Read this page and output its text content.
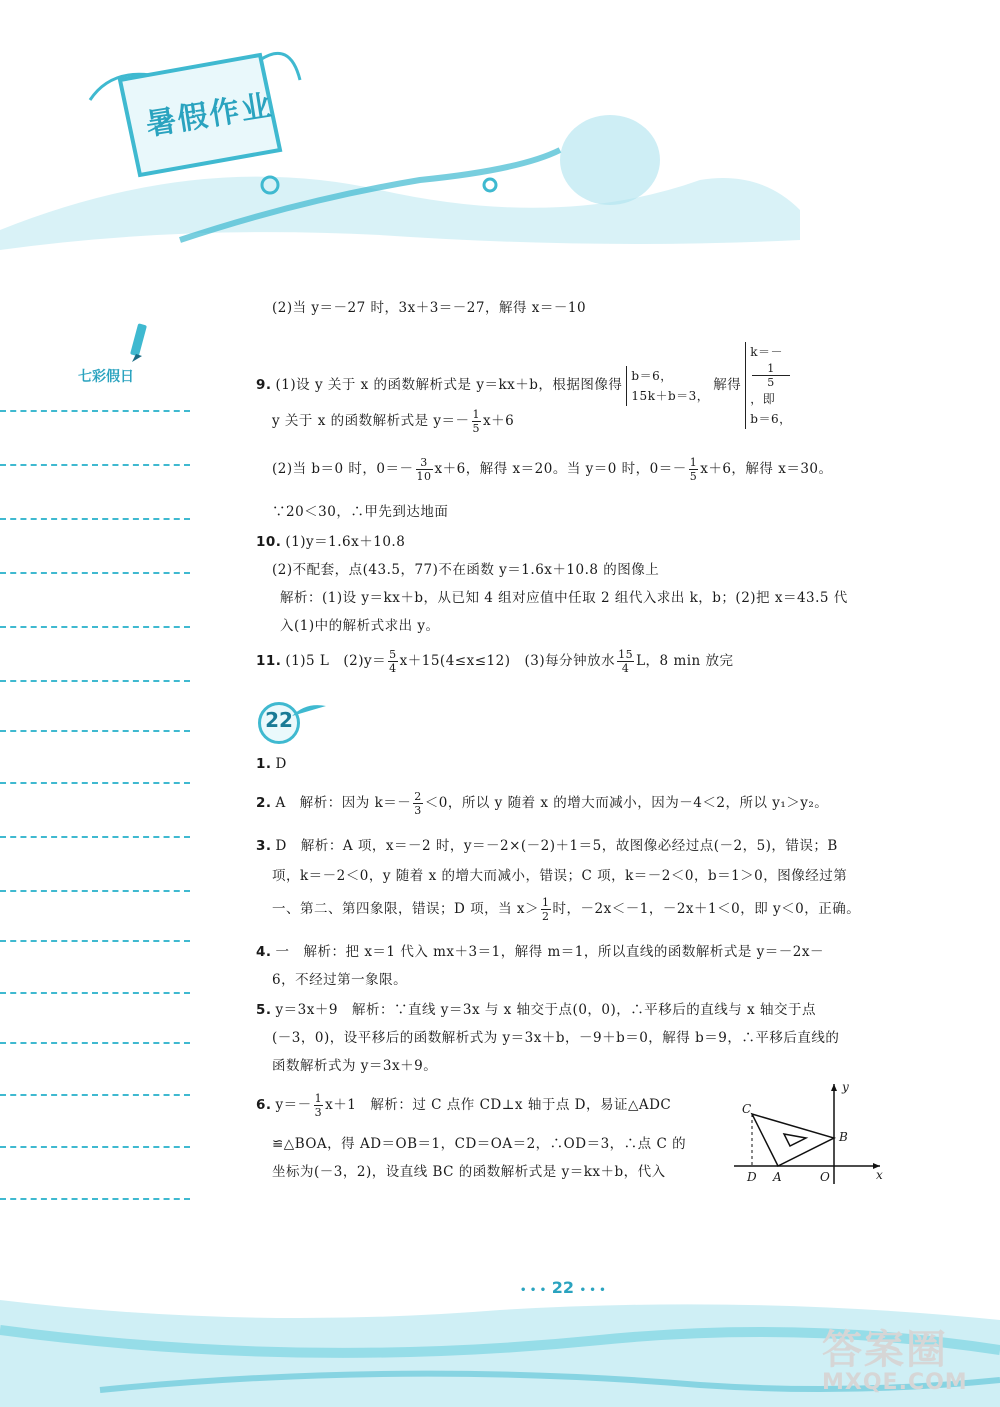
暑假作业
七彩假日
(2)当 y＝－27 时，3x＋3＝－27，解得 x＝－10
9. (1)设 y 关于 x 的函数解析式是 y＝kx＋b，根据图像得
b＝6，
15k＋b＝3，
解得
k＝－
1
5
，即
b＝6，
y 关于 x 的函数解析式是 $y=- \frac{1}{5} x+6$
(2)当 b＝0 时，$0=- \frac{3}{10} x+6$，解得 x＝20。当 y＝0 时，$0=- \frac{1}{5} x+6$，解得 x＝30。
∵20＜30，∴甲先到达地面
10. (1)y＝1.6x＋10.8
(2)不配套，点(43.5，77)不在函数 y＝1.6x＋10.8 的图像上
解析：(1)设 y＝kx＋b，从已知 4 组对应值中任取 2 组代入求出 k，b；(2)把 x＝43.5 代
入(1)中的解析式求出 y。
11. (1)5 L　$(2)y= \frac{5}{4} x+15(4\le x\le 12)$　(3)每分钟放水 $\frac{15}{4}$ L，8 min 放完
22
1. D
2. A　解析：因为 $k=- \frac{2}{3} <0$，所以 y 随着 x 的增大而减小，因为－4＜2，所以 y₁＞y₂。
3. D　解析：A 项，x＝－2 时，y＝－2×(－2)＋1＝5，故图像必经过点(－2，5)，错误；B
项，k＝－2＜0，y 随着 x 的增大而减小，错误；C 项，k＝－2＜0，b＝1＞0，图像经过第
一、第二、第四象限，错误；D 项，当 $x> \frac{1}{2}$ 时，－2x＜－1，－2x＋1＜0，即 y＜0，正确。
4. 一　解析：把 x＝1 代入 mx＋3＝1，解得 m＝1，所以直线的函数解析式是 y＝－2x－
6，不经过第一象限。
5. y＝3x＋9　解析：∵直线 y＝3x 与 x 轴交于点(0，0)，∴平移后的直线与 x 轴交于点
(－3，0)，设平移后的函数解析式为 y＝3x＋b，－9＋b＝0，解得 b＝9，∴平移后直线的
函数解析式为 y＝3x＋9。
6. $y=- \frac{1}{3} x+1$　解析：过 C 点作 CD⊥x 轴于点 D，易证△ADC
≌△BOA，得 AD＝OB＝1，CD＝OA＝2，∴OD＝3，∴点 C 的
坐标为(－3，2)，设直线 BC 的函数解析式是 y＝kx＋b，代入
y
x
C
B
D A	O
• • • 22 • • •
答案圈
MXQE.COM
